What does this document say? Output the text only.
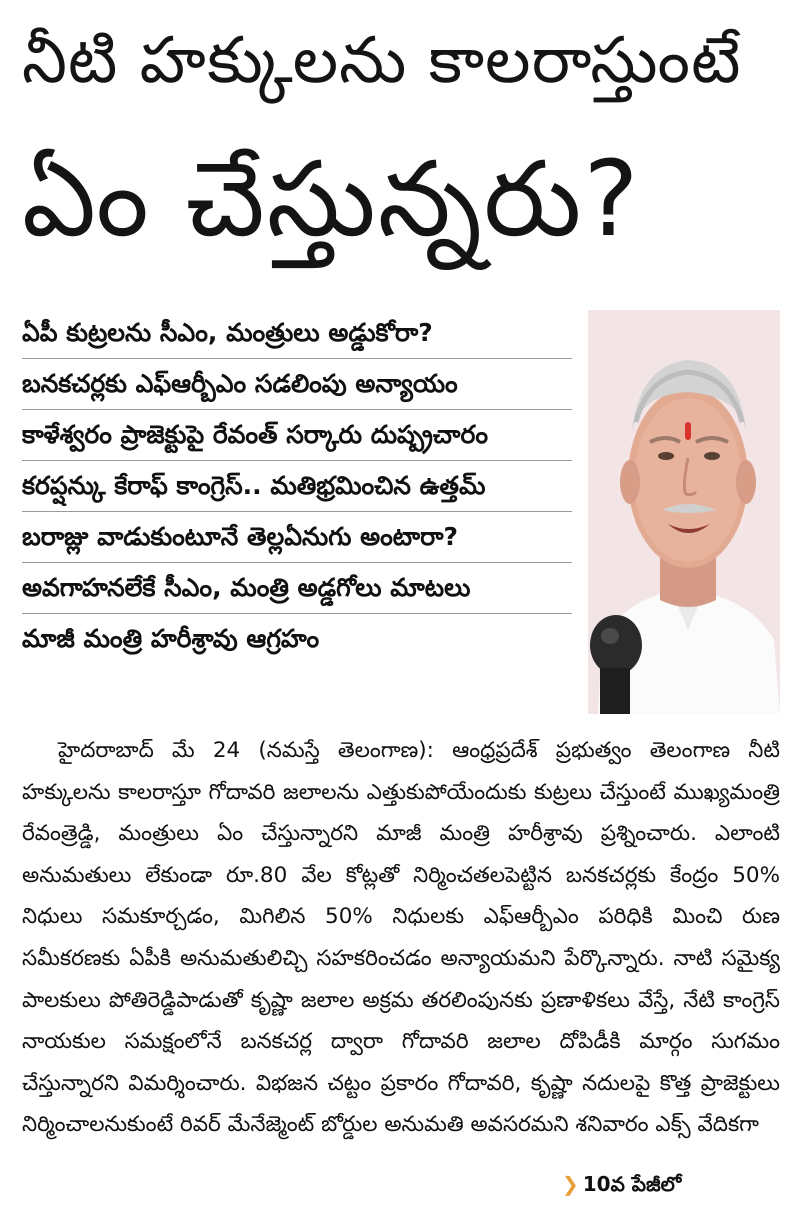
నీటి హక్కులను కాలరాస్తుంటే
ఏం చేస్తున్నరు?
ఏపీ కుట్రలను సీఎం, మంత్రులు అడ్డుకోరా?
బనకచర్లకు ఎఫ్ఆర్బీఎం సడలింపు అన్యాయం
కాళేశ్వరం ప్రాజెక్టుపై రేవంత్ సర్కారు దుష్ప్రచారం
కరప్షన్కు కేరాఫ్ కాంగ్రెస్.. మతిభ్రమించిన ఉత్తమ్
బరాజ్లు వాడుకుంటూనే తెల్లఏనుగు అంటారా?
అవగాహనలేకే సీఎం, మంత్రి అడ్డగోలు మాటలు
మాజీ మంత్రి హరీశ్రావు ఆగ్రహం

హైదరాబాద్ మే 24 (నమస్తే తెలంగాణ): ఆంధ్రప్రదేశ్ ప్రభుత్వం తెలంగాణ నీటి హక్కులను కాలరాస్తూ గోదావరి జలాలను ఎత్తుకుపోయేందుకు కుట్రలు చేస్తుంటే ముఖ్యమంత్రి రేవంత్రెడ్డి, మంత్రులు ఏం చేస్తున్నారని మాజీ మంత్రి హరీశ్రావు ప్రశ్నించారు. ఎలాంటి అనుమతులు లేకుండా రూ.80 వేల కోట్లతో నిర్మించతలపెట్టిన బనకచర్లకు కేంద్రం 50% నిధులు సమకూర్చడం, మిగిలిన 50% నిధులకు ఎఫ్ఆర్బీఎం పరిధికి మించి రుణ సమీకరణకు ఏపీకి అనుమతులిచ్చి సహకరించడం అన్యాయమని పేర్కొన్నారు. నాటి సమైక్య పాలకులు పోతిరెడ్డిపాడుతో కృష్ణా జలాల అక్రమ తరలింపునకు ప్రణాళికలు వేస్తే, నేటి కాంగ్రెస్ నాయకుల సమక్షంలోనే బనకచర్ల ద్వారా గోదావరి జలాల దోపిడీకి మార్గం సుగమం చేస్తున్నారని విమర్శించారు. విభజన చట్టం ప్రకారం గోదావరి, కృష్ణా నదులపై కొత్త ప్రాజెక్టులు నిర్మించాలనుకుంటే రివర్ మేనేజ్మెంట్ బోర్డుల అనుమతి అవసరమని శనివారం ఎక్స్ వేదికగా

❯ 10వ పేజీలో
